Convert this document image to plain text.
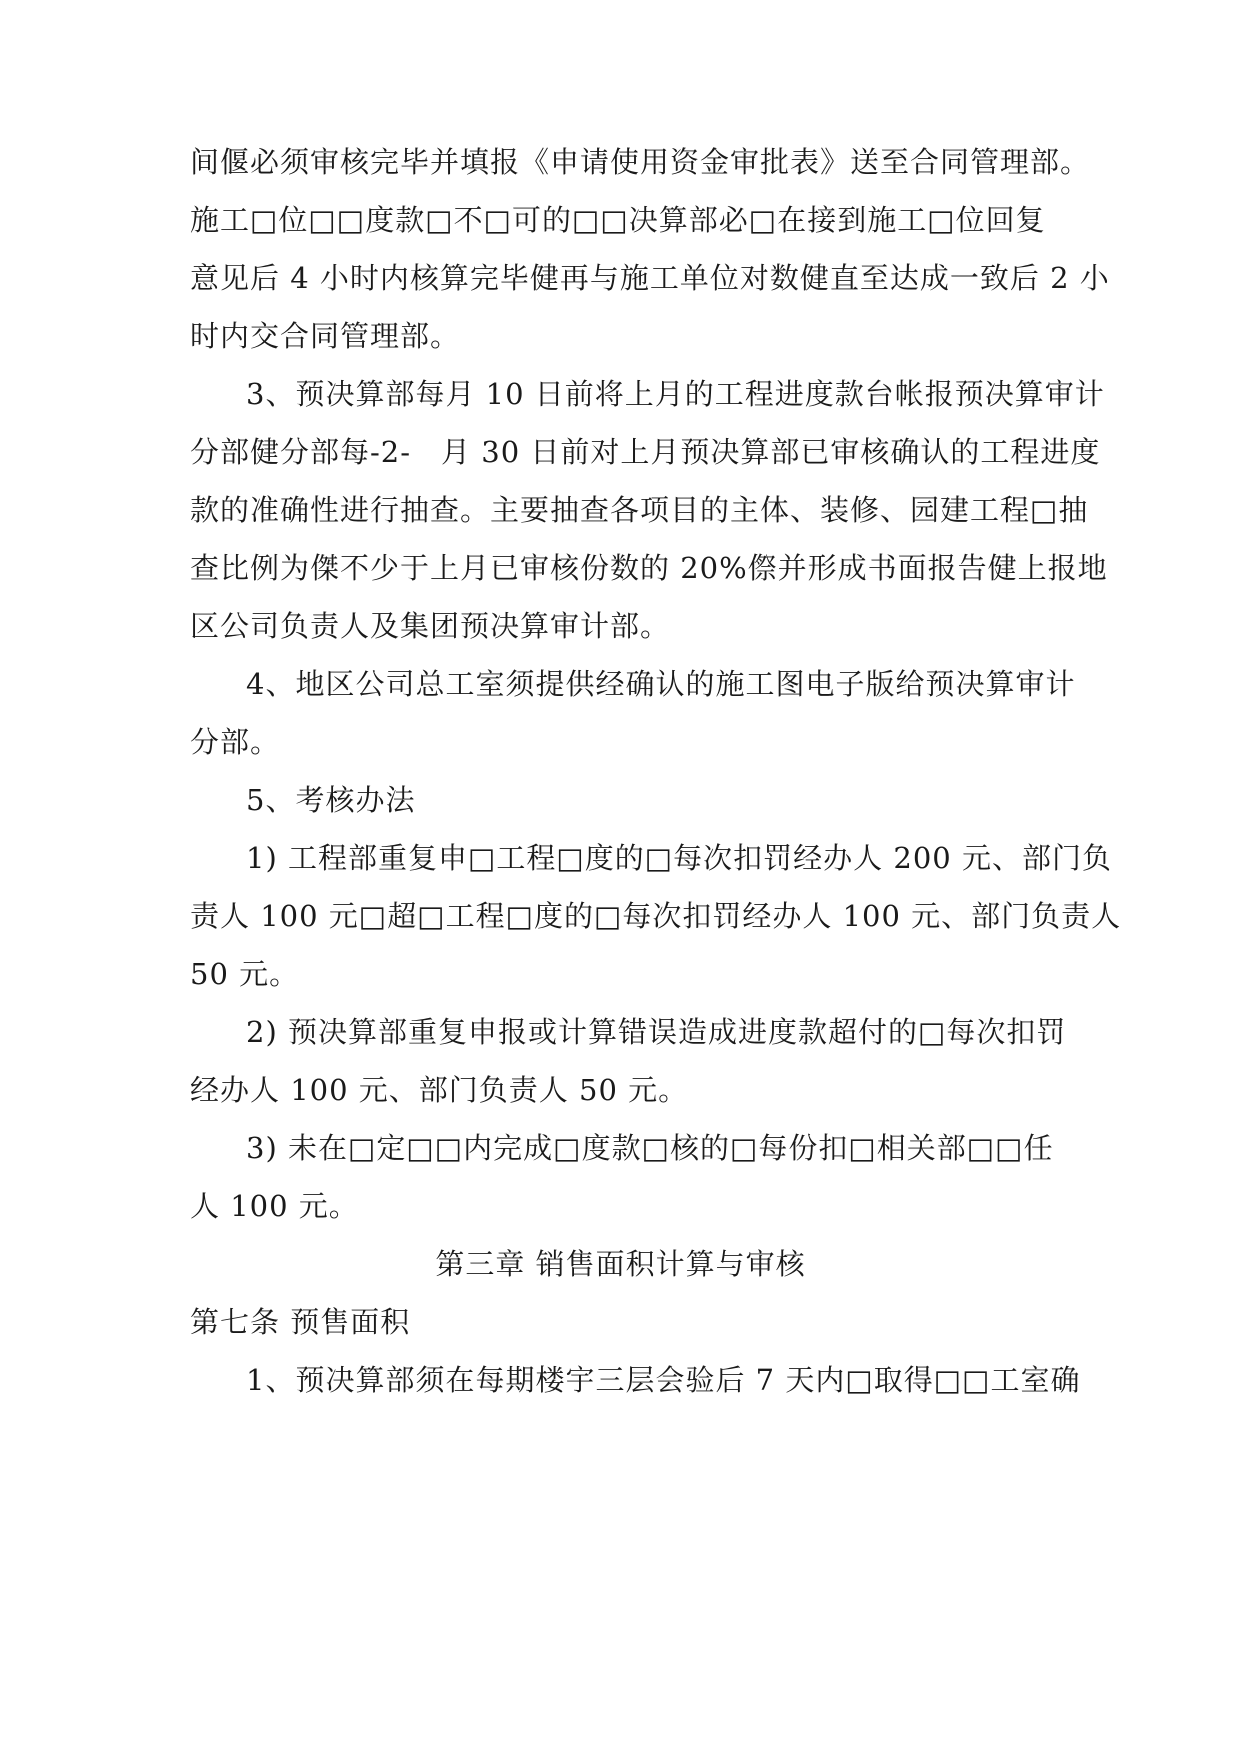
间偃必须审核完毕并填报《申请使用资金审批表》送至合同管理部。
施工□位□□度款□不□可的□□决算部必□在接到施工□位回复
意见后 4 小时内核算完毕健再与施工单位对数健直至达成一致后 2 小
时内交合同管理部。
3、预决算部每月 10 日前将上月的工程进度款台帐报预决算审计
分部健分部每-2-　月 30 日前对上月预决算部已审核确认的工程进度
款的准确性进行抽查。主要抽查各项目的主体、装修、园建工程□抽
查比例为傑不少于上月已审核份数的 20%傺并形成书面报告健上报地
区公司负责人及集团预决算审计部。
4、地区公司总工室须提供经确认的施工图电子版给预决算审计
分部。
5、考核办法
1) 工程部重复申□工程□度的□每次扣罚经办人 200 元、部门负
责人 100 元□超□工程□度的□每次扣罚经办人 100 元、部门负责人
50 元。
2) 预决算部重复申报或计算错误造成进度款超付的□每次扣罚
经办人 100 元、部门负责人 50 元。
3) 未在□定□□内完成□度款□核的□每份扣□相关部□□任
人 100 元。
第三章 销售面积计算与审核
第七条 预售面积
1、预决算部须在每期楼宇三层会验后 7 天内□取得□□工室确
